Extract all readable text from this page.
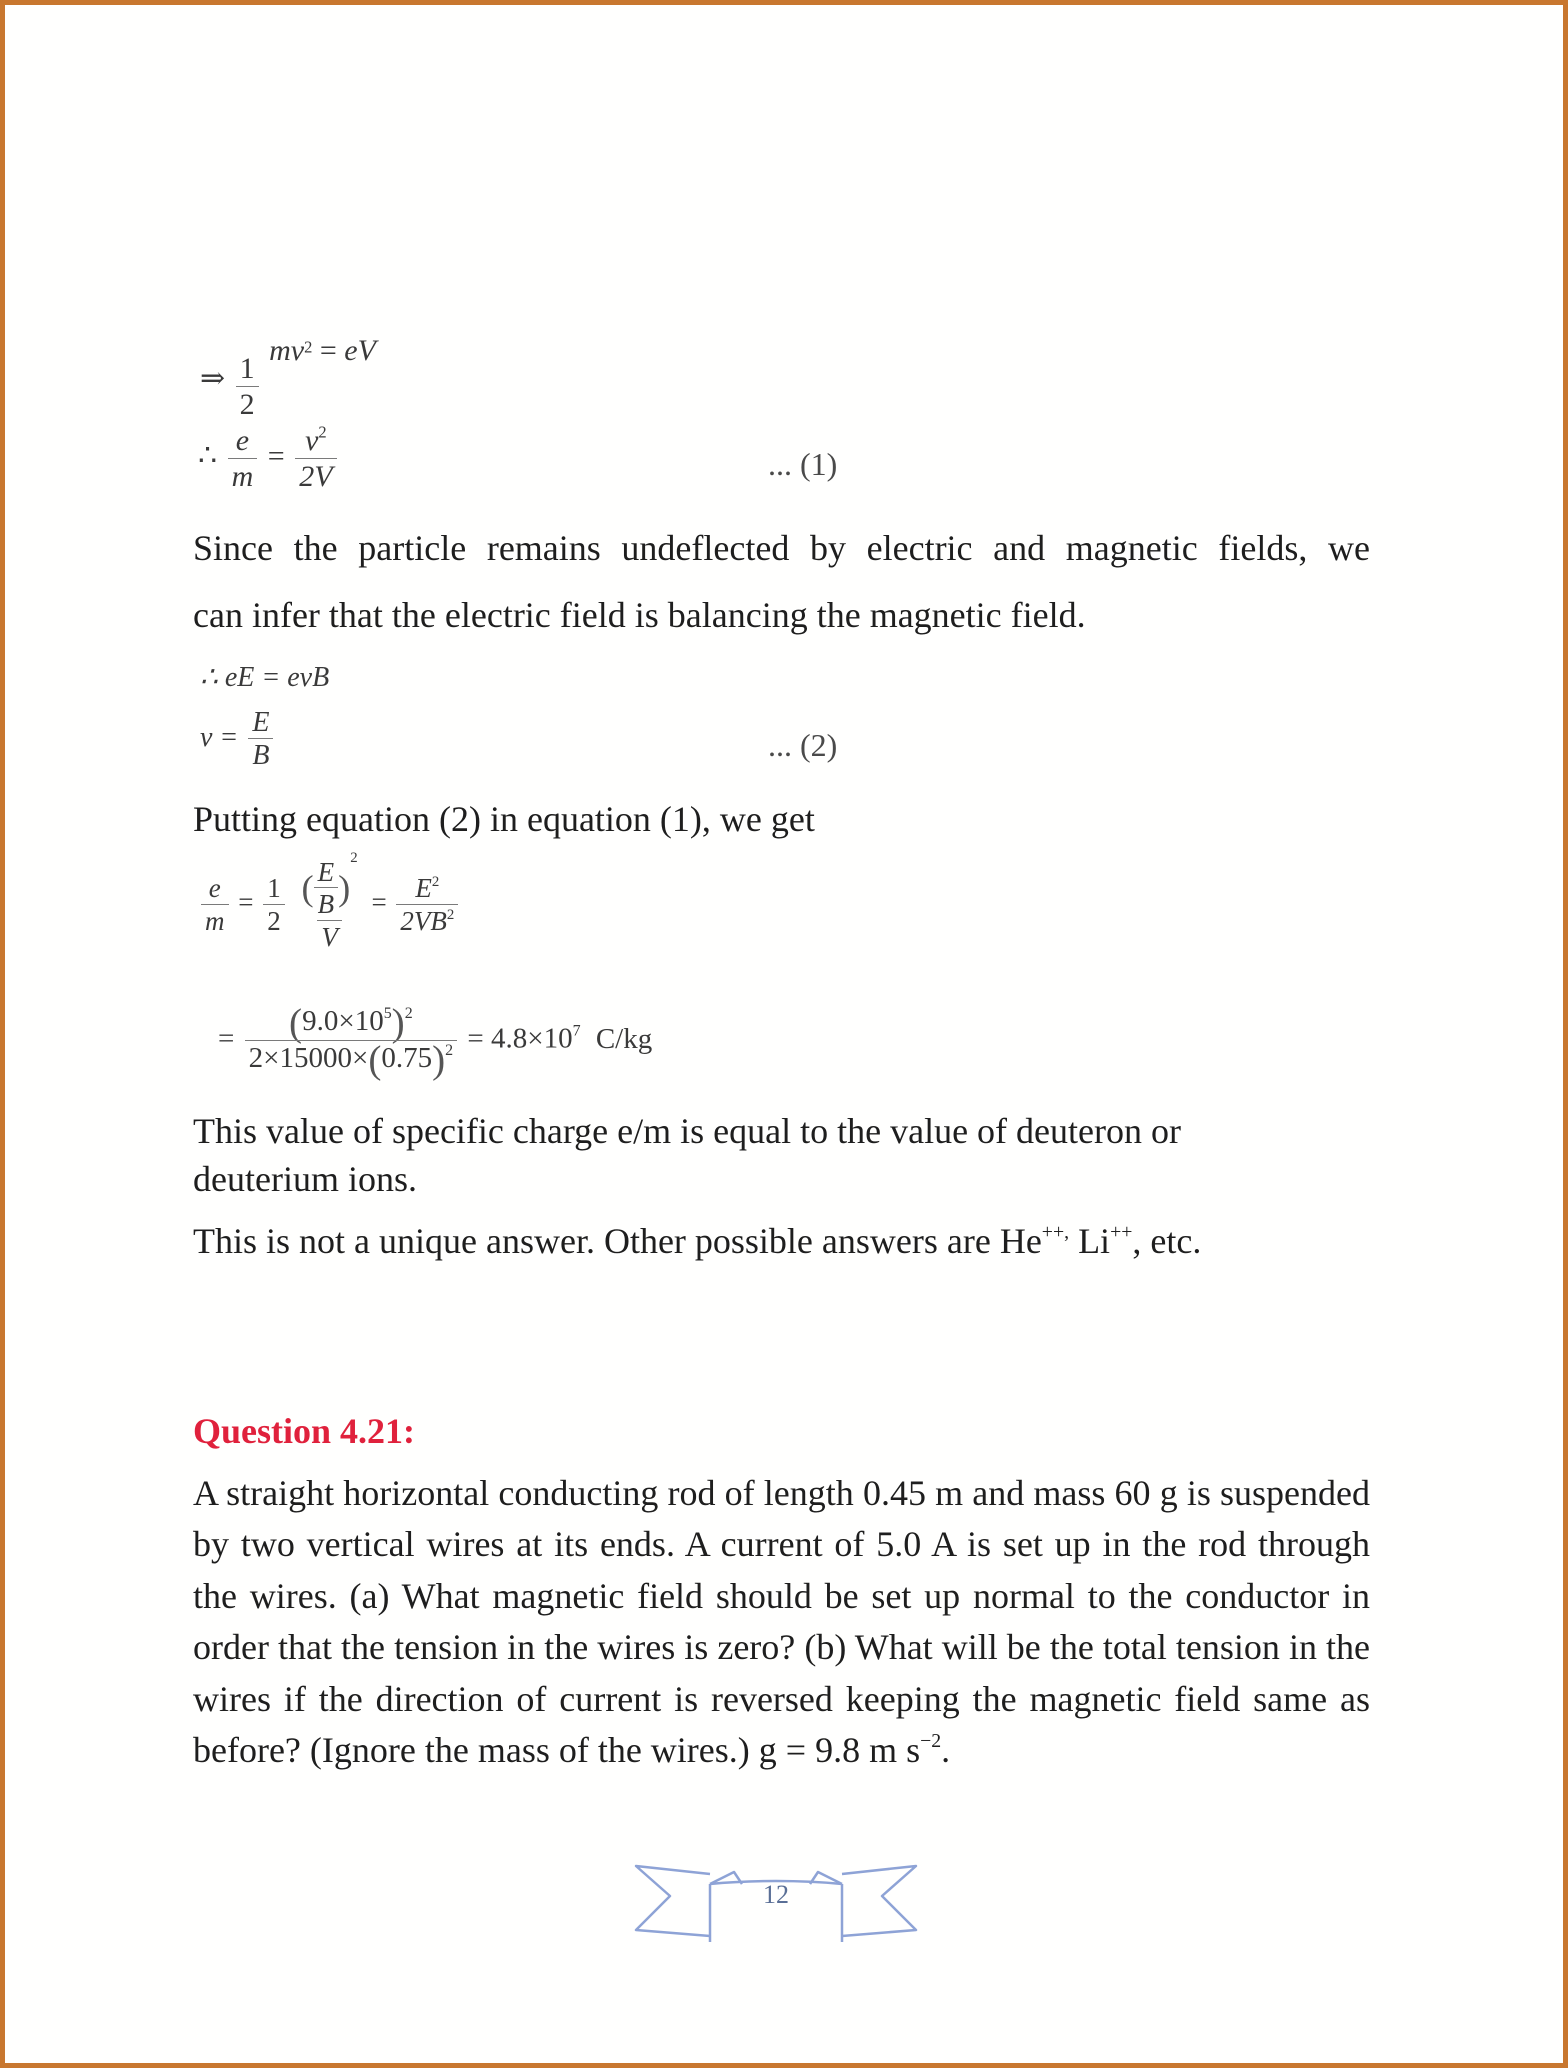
⇒ $\frac{1}{2}$
$mv^2$ = eV
∴ $\frac{e}{m} = \frac{v^2}{2V}$	... (1)
Since the particle remains undeflected by electric and magnetic fields, we
can infer that the electric field is balancing the magnetic field.
∴ eE = evB
$v = \frac{E}{B}$	... (2)
Putting equation (2) in equation (1), we get
$\frac{e}{m} = \frac{1}{2}$
$\frac{( \frac{E}{B} )^2}{V} = \frac{E^2}{2VB^2}$
= $\frac{(9.0\times 10^5)^2}{2\times 15000\times(0.75)^2} = 4.8\times 10^7$ C/kg
This value of specific charge e/m is equal to the value of deuteron or
deuterium ions.
This is not a unique answer. Other possible answers are He++, Li++, etc.
Question 4.21:
A straight horizontal conducting rod of length 0.45 m and mass 60 g is suspended by two vertical wires at its ends. A current of 5.0 A is set up in the rod through the wires. (a) What magnetic field should be set up normal to the conductor in order that the tension in the wires is zero? (b) What will be the total tension in the wires if the direction of current is reversed keeping the magnetic field same as before? (Ignore the mass of the wires.) g = 9.8 m $s^{-2}$.
12
